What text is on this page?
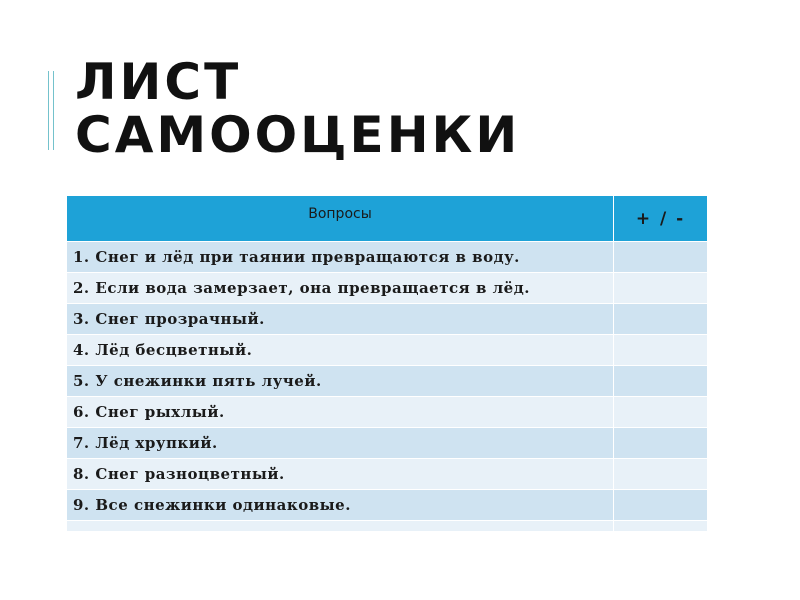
ЛИСТ
САМООЦЕНКИ
Вопросы	+ / -
1. Снег и лёд при таянии превращаются в воду.	
2. Если вода замерзает, она превращается в лёд.	
3. Снег прозрачный.	
4. Лёд бесцветный.	
5. У снежинки пять лучей.	
6. Снег рыхлый.	
7. Лёд хрупкий.	
8. Снег разноцветный.	
9. Все снежинки одинаковые.	
